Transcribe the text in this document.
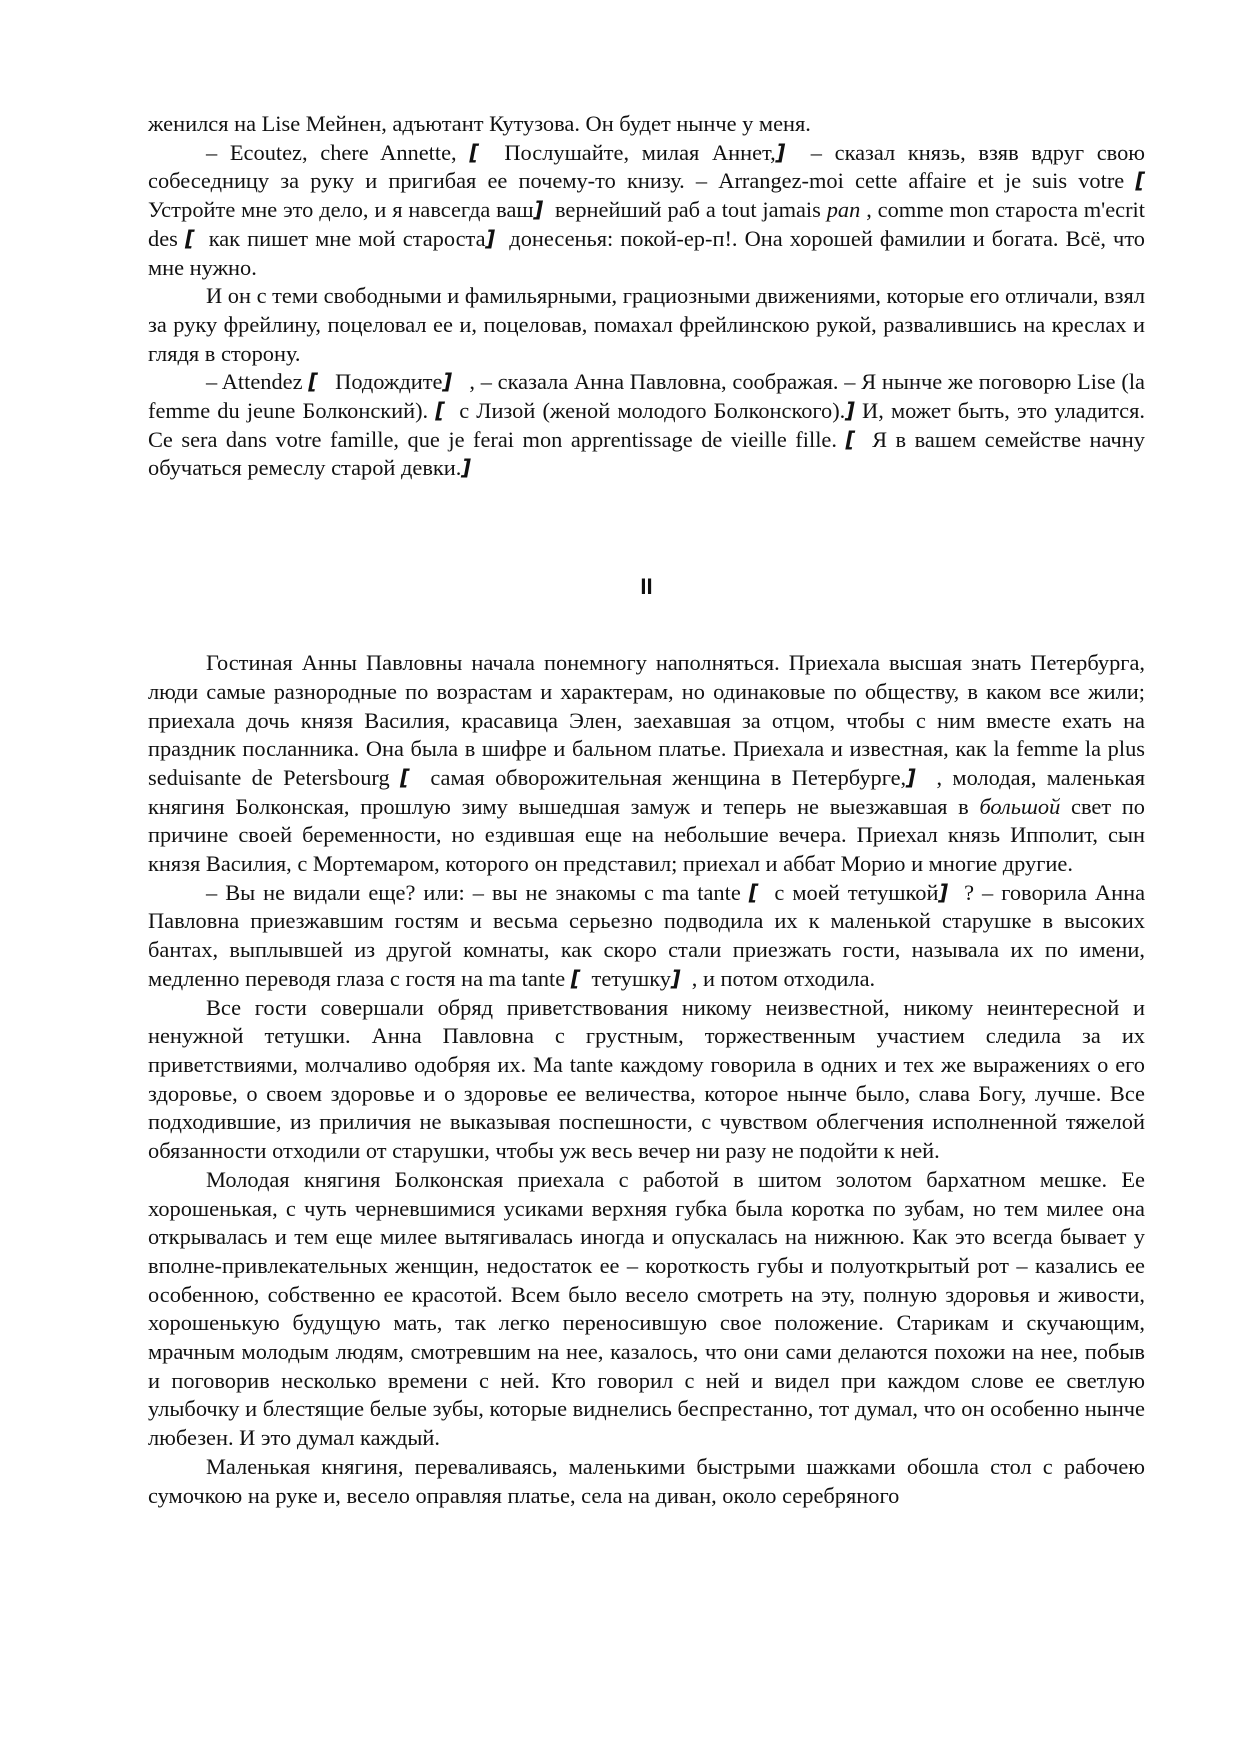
женился на Lise Мейнен, адъютант Кутузова. Он будет нынче у меня.

– Ecoutez, chere Annette, [  Послушайте, милая Аннет,]  – сказал князь, взяв вдруг свою собеседницу за руку и пригибая ее почему-то книзу. – Arrangez-moi cette affaire et je suis votre [  Устройте мне это дело, и я навсегда ваш]  вернейший раб a tout jamais pan , comme mon староста m'ecrit des [  как пишет мне мой староста]  донесенья: покой-ер-п!. Она хорошей фамилии и богата. Всё, что мне нужно.

И он с теми свободными и фамильярными, грациозными движениями, которые его отличали, взял за руку фрейлину, поцеловал ее и, поцеловав, помахал фрейлинскою рукой, развалившись на креслах и глядя в сторону.

– Attendez [   Подождите]   , – сказала Анна Павловна, соображая. – Я нынче же поговорю Lise (la femme du jeune Болконский). [  с Лизой (женой молодого Болконского).] И, может быть, это уладится. Ce sera dans votre famille, que je ferai mon apprentissage de vieille fille. [  Я в вашем семействе начну обучаться ремеслу старой девки.]

II

Гостиная Анны Павловны начала понемногу наполняться. Приехала высшая знать Петербурга, люди самые разнородные по возрастам и характерам, но одинаковые по обществу, в каком все жили; приехала дочь князя Василия, красавица Элен, заехавшая за отцом, чтобы с ним вместе ехать на праздник посланника. Она была в шифре и бальном платье. Приехала и известная, как la femme la plus seduisante de Petersbourg [  самая обворожительная женщина в Петербурге,]  , молодая, маленькая княгиня Болконская, прошлую зиму вышедшая замуж и теперь не выезжавшая в большой свет по причине своей беременности, но ездившая еще на небольшие вечера. Приехал князь Ипполит, сын князя Василия, с Мортемаром, которого он представил; приехал и аббат Морио и многие другие.

– Вы не видали еще? или: – вы не знакомы с ma tante [  с моей тетушкой]  ? – говорила Анна Павловна приезжавшим гостям и весьма серьезно подводила их к маленькой старушке в высоких бантах, выплывшей из другой комнаты, как скоро стали приезжать гости, называла их по имени, медленно переводя глаза с гостя на ma tante [  тетушку]  , и потом отходила.

Все гости совершали обряд приветствования никому неизвестной, никому неинтересной и ненужной тетушки. Анна Павловна с грустным, торжественным участием следила за их приветствиями, молчаливо одобряя их. Ma tante каждому говорила в одних и тех же выражениях о его здоровье, о своем здоровье и о здоровье ее величества, которое нынче было, слава Богу, лучше. Все подходившие, из приличия не выказывая поспешности, с чувством облегчения исполненной тяжелой обязанности отходили от старушки, чтобы уж весь вечер ни разу не подойти к ней.

Молодая княгиня Болконская приехала с работой в шитом золотом бархатном мешке. Ее хорошенькая, с чуть черневшимися усиками верхняя губка была коротка по зубам, но тем милее она открывалась и тем еще милее вытягивалась иногда и опускалась на нижнюю. Как это всегда бывает у вполне-привлекательных женщин, недостаток ее – короткость губы и полуоткрытый рот – казались ее особенною, собственно ее красотой. Всем было весело смотреть на эту, полную здоровья и живости, хорошенькую будущую мать, так легко переносившую свое положение. Старикам и скучающим, мрачным молодым людям, смотревшим на нее, казалось, что они сами делаются похожи на нее, побыв и поговорив несколько времени с ней. Кто говорил с ней и видел при каждом слове ее светлую улыбочку и блестящие белые зубы, которые виднелись беспрестанно, тот думал, что он особенно нынче любезен. И это думал каждый.

Маленькая княгиня, переваливаясь, маленькими быстрыми шажками обошла стол с рабочею сумочкою на руке и, весело оправляя платье, села на диван, около серебряного
